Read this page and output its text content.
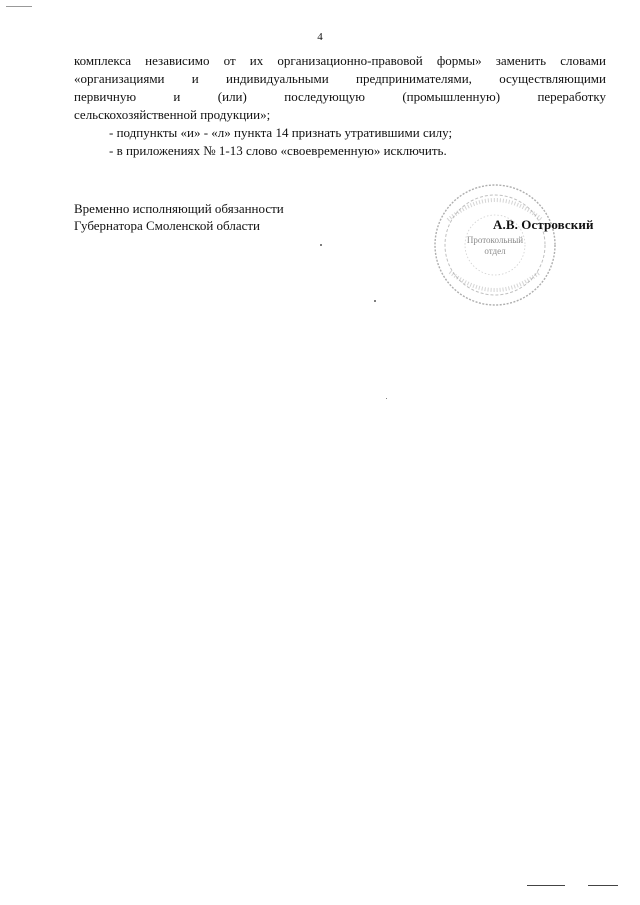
4
комплекса независимо от их организационно-правовой формы» заменить словами
«организациями и индивидуальными предпринимателями, осуществляющими
первичную	и	(или)	последующую	(промышленную)	переработку
сельскохозяйственной продукции»;
- подпункты «и» - «л» пункта 14 признать утратившими силу;
- в приложениях № 1-13 слово «своевременную» исключить.
Временно исполняющий обязанности
Губернатора Смоленской области
Протокольный
отдел
А.В. Островский
